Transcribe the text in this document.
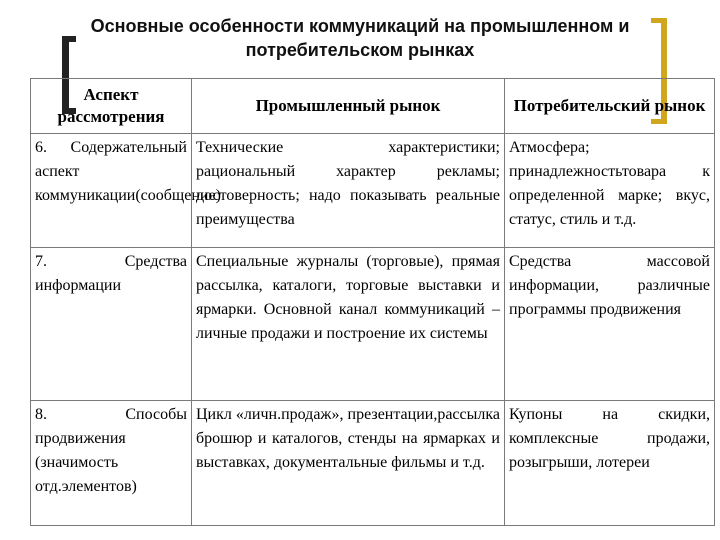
Основные особенности коммуникаций на промышленном и потребительском рынках
Аспект рассмотрения	Промышленный рынок	Потребительский рынок

6. Содержательный аспект коммуникации(сообщение)	Технические характеристики; рациональный характер рекламы; достоверность; надо показывать реальные преимущества	Атмосфера; принадлежностьтовара к определенной марке; вкус, статус, стиль и т.д.

7. Средства информации	Специальные журналы (торговые), прямая рассылка, каталоги, торговые выставки и ярмарки. Основной канал коммуникаций – личные продажи и построение их системы	Средства массовой информации, различные программы продвижения

8. Способы продвижения (значимость отд.элементов)	Цикл «личн.продаж», презентации,рассылка брошюр и каталогов, стенды на ярмарках и выставках, документальные фильмы и т.д.	Купоны на скидки, комплексные продажи, розыгрыши, лотереи
